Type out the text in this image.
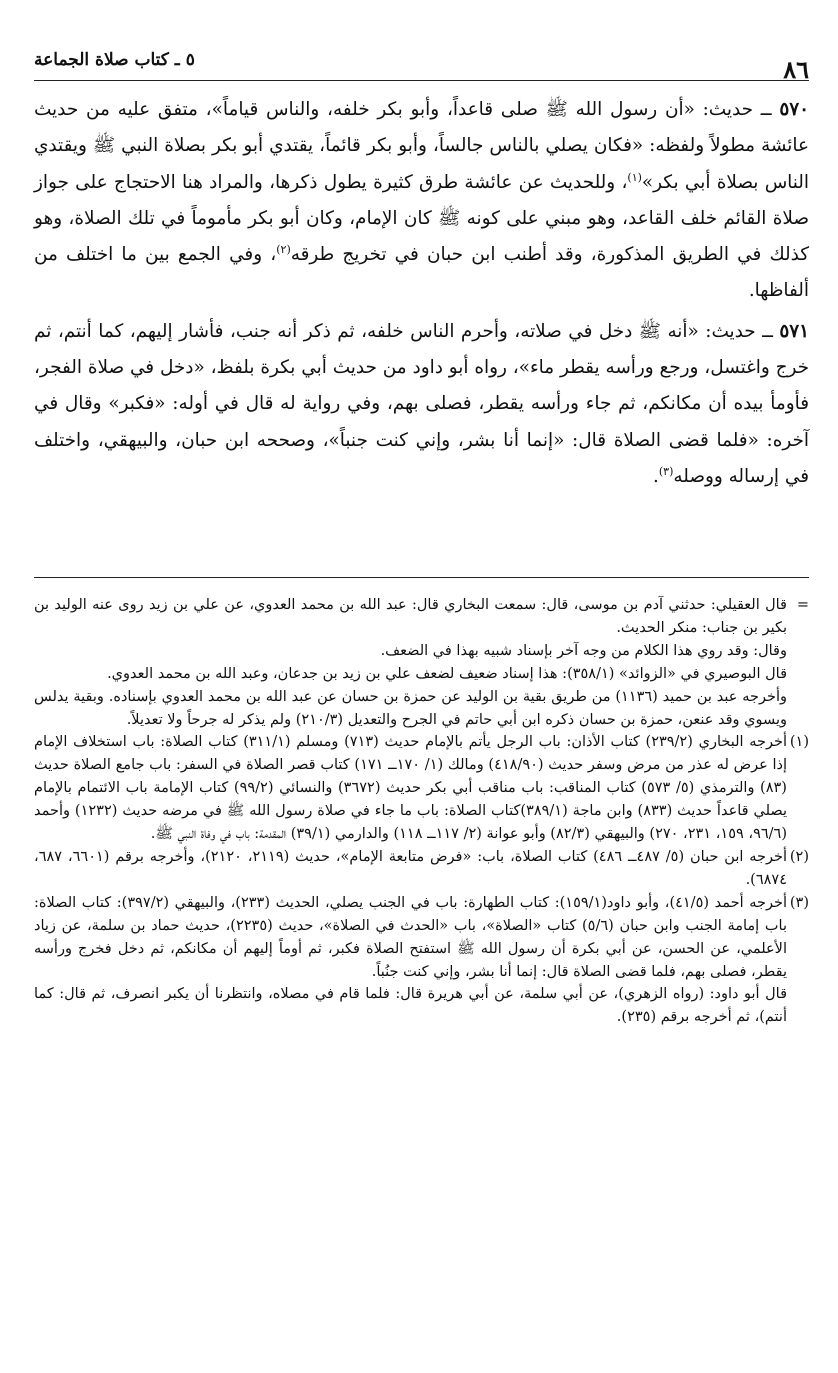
٨٦
٥ ـ كتاب صلاة الجماعة

٥٧٠ ــ حديث: «أن رسول الله ﷺ صلى قاعداً، وأبو بكر خلفه، والناس قياماً»، متفق عليه من حديث عائشة مطولاً ولفظه: «فكان يصلي بالناس جالساً، وأبو بكر قائماً، يقتدي أبو بكر بصلاة النبي ﷺ ويقتدي الناس بصلاة أبي بكر»$^{(١)}$، وللحديث عن عائشة طرق كثيرة يطول ذكرها، والمراد هنا الاحتجاج على جواز صلاة القائم خلف القاعد، وهو مبني على كونه ﷺ كان الإمام، وكان أبو بكر مأموماً في تلك الصلاة، وهو كذلك في الطريق المذكورة، وقد أطنب ابن حبان في تخريج طرقه$^{(٢)}$، وفي الجمع بين ما اختلف من ألفاظها.

٥٧١ ــ حديث: «أنه ﷺ دخل في صلاته، وأحرم الناس خلفه، ثم ذكر أنه جنب، فأشار إليهم، كما أنتم، ثم خرج واغتسل، ورجع ورأسه يقطر ماء»، رواه أبو داود من حديث أبي بكرة بلفظ، «دخل في صلاة الفجر، فأومأ بيده أن مكانكم، ثم جاء ورأسه يقطر، فصلى بهم، وفي رواية له قال في أوله: «فكبر» وقال في آخره: «فلما قضى الصلاة قال: «إنما أنا بشر، وإني كنت جنباً»، وصححه ابن حبان، والبيهقي، واختلف في إرساله ووصله$^{(٣)}$.

=

قال العقيلي: حدثني آدم بن موسى، قال: سمعت البخاري قال: عبد الله بن محمد العدوي، عن علي بن زيد روى عنه الوليد بن بكير بن جناب: منكر الحديث.

وقال: وقد روي هذا الكلام من وجه آخر بإسناد شبيه بهذا في الضعف.

قال البوصيري في «الزوائد» (٣٥٨/١): هذا إسناد ضعيف لضعف علي بن زيد بن جدعان، وعبد الله بن محمد العدوي.

وأخرجه عبد بن حميد (١١٣٦) من طريق بقية بن الوليد عن حمزة بن حسان عن عبد الله بن محمد العدوي بإسناده. وبقية يدلس ويسوي وقد عنعن، حمزة بن حسان ذكره ابن أبي حاتم في الجرح والتعديل (٢١٠/٣) ولم يذكر له جرحاً ولا تعديلاً.

(١)

أخرجه البخاري (٢٣٩/٢) كتاب الأذان: باب الرجل يأتم بالإمام حديث (٧١٣) ومسلم (٣١١/١) كتاب الصلاة: باب استخلاف الإمام إذا عرض له عذر من مرض وسفر حديث (٤١٨/٩٠) ومالك (١/ ١٧٠ــ ١٧١) كتاب قصر الصلاة في السفر: باب جامع الصلاة حديث (٨٣) والترمذي (٥/ ٥٧٣) كتاب المناقب: باب مناقب أبي بكر حديث (٣٦٧٢) والنسائي (٩٩/٢) كتاب الإمامة باب الائتمام بالإمام يصلي قاعداً حديث (٨٣٣) وابن ماجة (٣٨٩/١)كتاب الصلاة: باب ما جاء في صلاة رسول الله ﷺ في مرضه حديث (١٢٣٢) وأحمد (٩٦/٦، ١٥٩، ٢٣١، ٢٧٠) والبيهقي (٨٢/٣) وأبو عوانة (٢/ ١١٧ــ ١١٨) والدارمي (٣٩/١) المقدمة: باب في وفاة النبي ﷺ.

(٢)

أخرجه ابن حبان (٥/ ٤٨٧ــ ٤٨٦) كتاب الصلاة، باب: «فرض متابعة الإمام»، حديث (٢١١٩، ٢١٢٠)، وأخرجه برقم (٦٦٠١، ٦٨٧، ٦٨٧٤).

(٣)

أخرجه أحمد (٤١/٥)، وأبو داود(١٥٩/١): كتاب الطهارة: باب في الجنب يصلي، الحديث (٢٣٣)، والبيهقي (٣٩٧/٢): كتاب الصلاة: باب إمامة الجنب وابن حبان (٥/٦) كتاب «الصلاة»، باب «الحدث في الصلاة»، حديث (٢٢٣٥)، حديث حماد بن سلمة، عن زياد الأعلمي، عن الحسن، عن أبي بكرة أن رسول الله ﷺ استفتح الصلاة فكبر، ثم أوماً إليهم أن مكانكم، ثم دخل فخرج ورأسه يقطر، فصلى بهم، فلما قضى الصلاة قال: إنما أنا بشر، وإني كنت جنُباً.

قال أبو داود: (رواه الزهري)، عن أبي سلمة، عن أبي هريرة قال: فلما قام في مصلاه، وانتظرنا أن يكبر انصرف، ثم قال: كما أنتم)، ثم أخرجه برقم (٢٣٥).
